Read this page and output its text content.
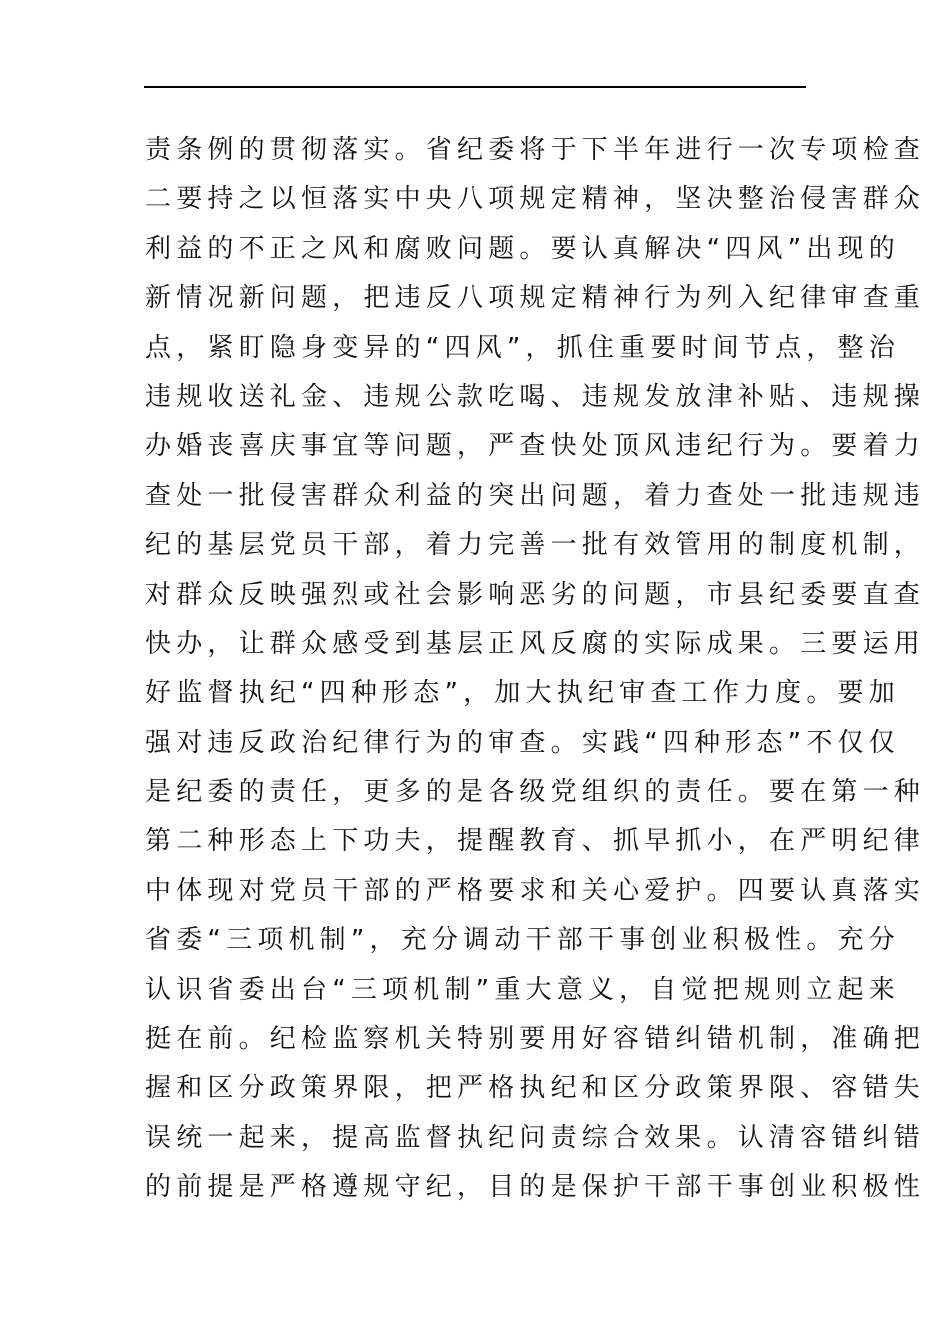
责条例的贯彻落实。省纪委将于下半年进行一次专项检查
二要持之以恒落实中央八项规定精神，坚决整治侵害群众
利益的不正之风和腐败问题。要认真解决“四风”出现的
新情况新问题，把违反八项规定精神行为列入纪律审查重
点，紧盯隐身变异的“四风”，抓住重要时间节点，整治
违规收送礼金、违规公款吃喝、违规发放津补贴、违规操
办婚丧喜庆事宜等问题，严查快处顶风违纪行为。要着力
查处一批侵害群众利益的突出问题，着力查处一批违规违
纪的基层党员干部，着力完善一批有效管用的制度机制，
对群众反映强烈或社会影响恶劣的问题，市县纪委要直查
快办，让群众感受到基层正风反腐的实际成果。三要运用
好监督执纪“四种形态”，加大执纪审查工作力度。要加
强对违反政治纪律行为的审查。实践“四种形态”不仅仅
是纪委的责任，更多的是各级党组织的责任。要在第一种
第二种形态上下功夫，提醒教育、抓早抓小，在严明纪律
中体现对党员干部的严格要求和关心爱护。四要认真落实
省委“三项机制”，充分调动干部干事创业积极性。充分
认识省委出台“三项机制”重大意义，自觉把规则立起来
挺在前。纪检监察机关特别要用好容错纠错机制，准确把
握和区分政策界限，把严格执纪和区分政策界限、容错失
误统一起来，提高监督执纪问责综合效果。认清容错纠错
的前提是严格遵规守纪，目的是保护干部干事创业积极性
